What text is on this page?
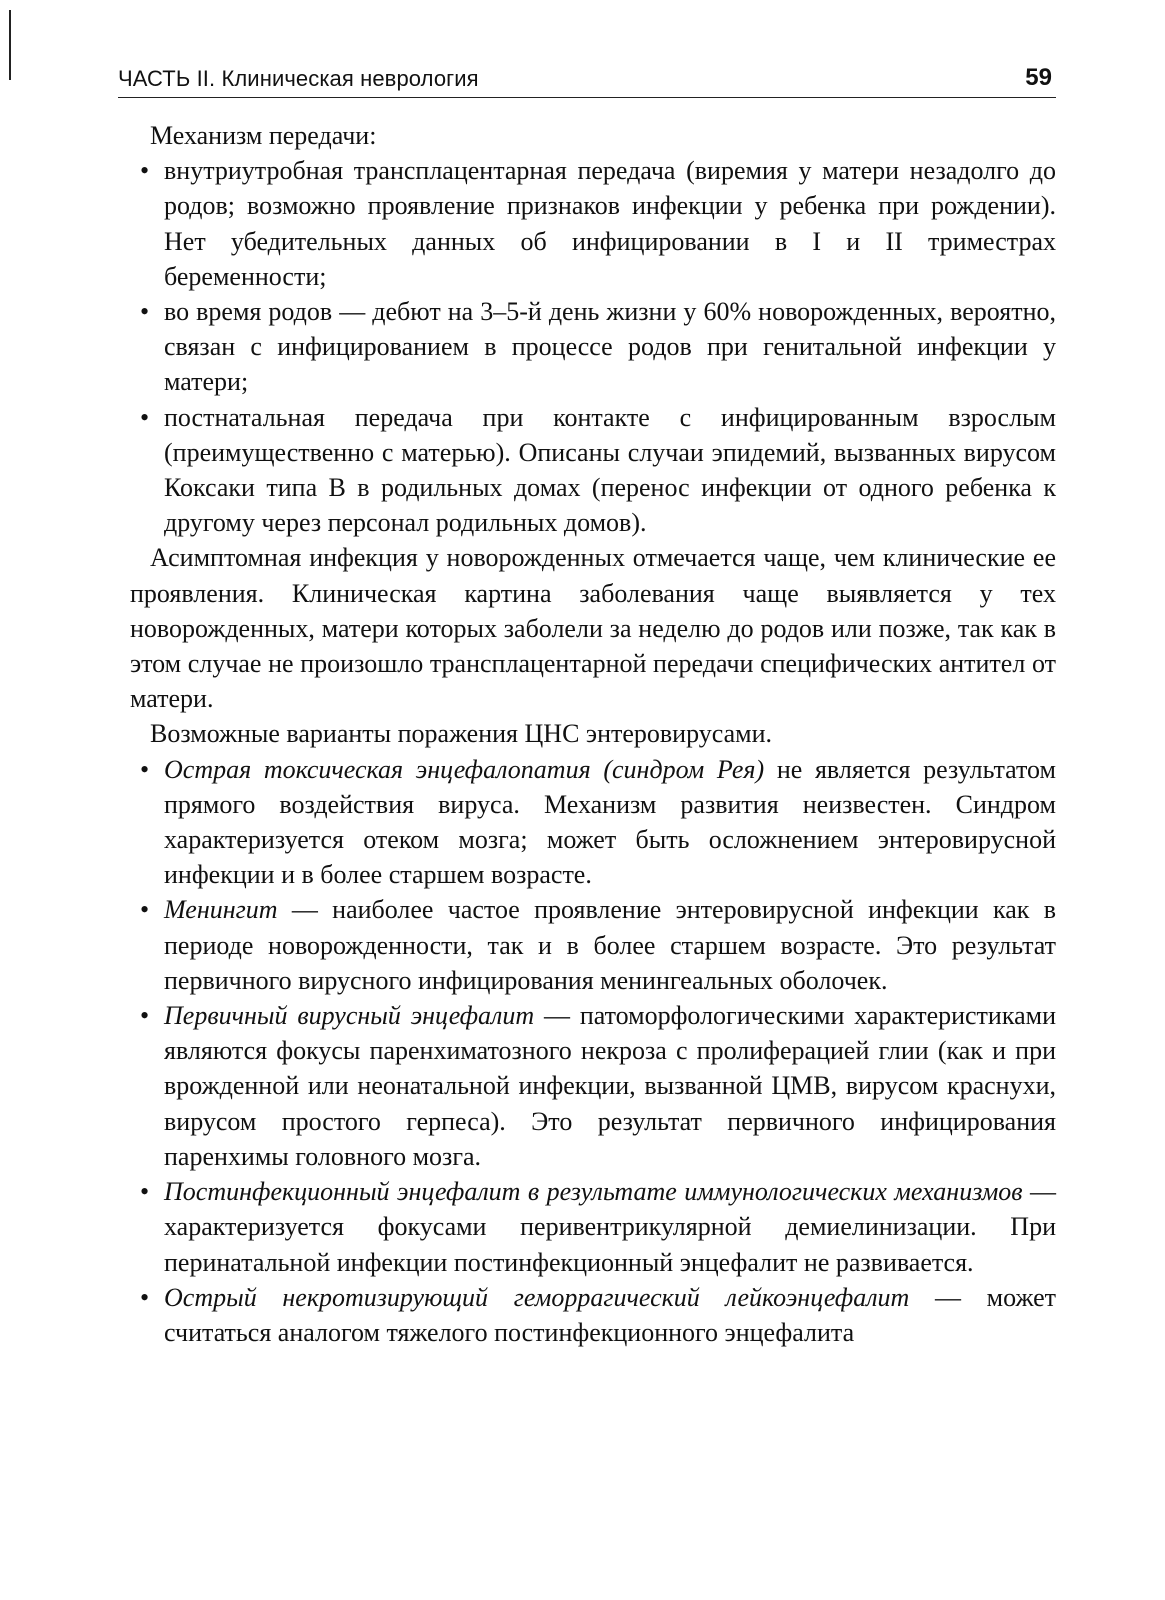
ЧАСТЬ II. Клиническая неврология	59

Механизм передачи:

• внутриутробная трансплацентарная передача (виремия у матери незадолго до родов; возможно проявление признаков инфекции у ребенка при рождении). Нет убедительных данных об инфицировании в I и II триместрах беременности;
• во время родов — дебют на 3–5-й день жизни у 60% новорожденных, вероятно, связан с инфицированием в процессе родов при генитальной инфекции у матери;
• постнатальная передача при контакте с инфицированным взрослым (преимущественно с матерью). Описаны случаи эпидемий, вызванных вирусом Коксаки типа В в родильных домах (перенос инфекции от одного ребенка к другому через персонал родильных домов).

Асимптомная инфекция у новорожденных отмечается чаще, чем клинические ее проявления. Клиническая картина заболевания чаще выявляется у тех новорожденных, матери которых заболели за неделю до родов или позже, так как в этом случае не произошло трансплацентарной передачи специфических антител от матери.

Возможные варианты поражения ЦНС энтеровирусами.

• Острая токсическая энцефалопатия (синдром Рея) не является результатом прямого воздействия вируса. Механизм развития неизвестен. Синдром характеризуется отеком мозга; может быть осложнением энтеровирусной инфекции и в более старшем возрасте.
• Менингит — наиболее частое проявление энтеровирусной инфекции как в периоде новорожденности, так и в более старшем возрасте. Это результат первичного вирусного инфицирования менингеальных оболочек.
• Первичный вирусный энцефалит — патоморфологическими характеристиками являются фокусы паренхиматозного некроза с пролиферацией глии (как и при врожденной или неонатальной инфекции, вызванной ЦМВ, вирусом краснухи, вирусом простого герпеса). Это результат первичного инфицирования паренхимы головного мозга.
• Постинфекционный энцефалит в результате иммунологических механизмов — характеризуется фокусами перивентрикулярной демиелинизации. При перинатальной инфекции постинфекционный энцефалит не развивается.
• Острый некротизирующий геморрагический лейкоэнцефалит — может считаться аналогом тяжелого постинфекционного энцефалита
